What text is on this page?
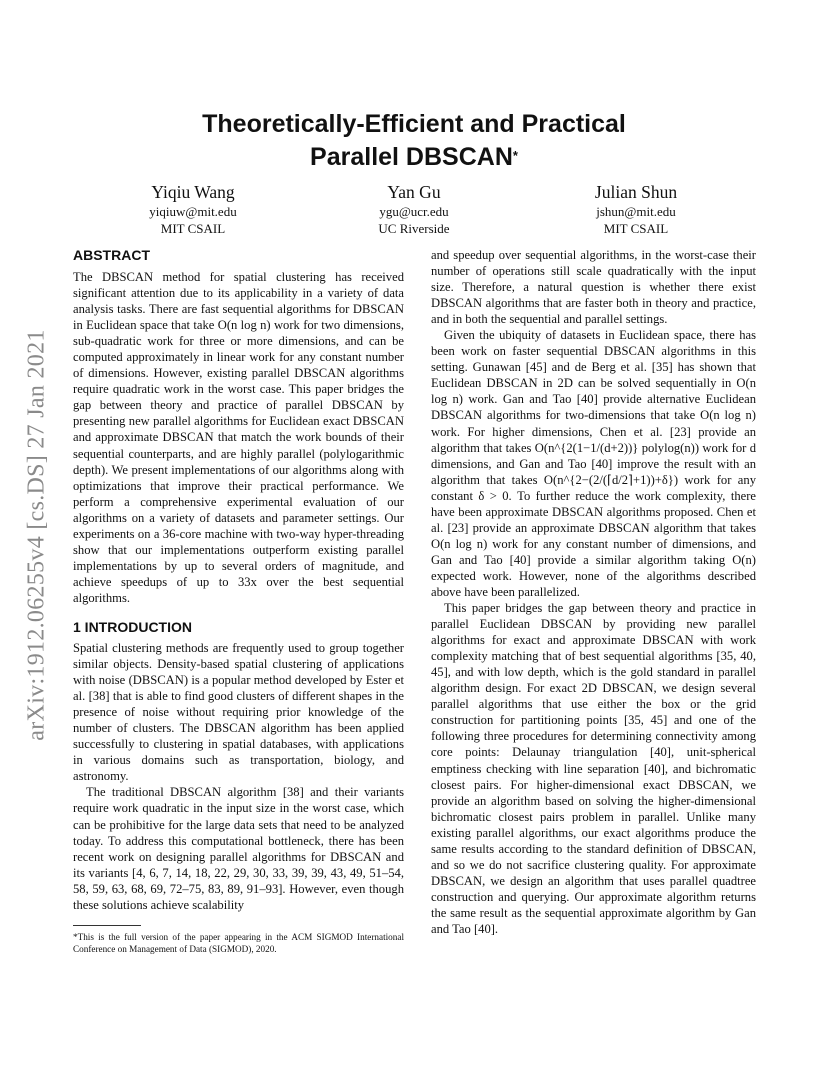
arXiv:1912.06255v4 [cs.DS] 27 Jan 2021
Theoretically-Efficient and Practical
Parallel DBSCAN*
Yiqiu Wang
yiqiuw@mit.edu
MIT CSAIL
Yan Gu
ygu@ucr.edu
UC Riverside
Julian Shun
jshun@mit.edu
MIT CSAIL
ABSTRACT

The DBSCAN method for spatial clustering has received significant attention due to its applicability in a variety of data analysis tasks. There are fast sequential algorithms for DBSCAN in Euclidean space that take O(n log n) work for two dimensions, sub-quadratic work for three or more dimensions, and can be computed approximately in linear work for any constant number of dimensions. However, existing parallel DBSCAN algorithms require quadratic work in the worst case. This paper bridges the gap between theory and practice of parallel DBSCAN by presenting new parallel algorithms for Euclidean exact DBSCAN and approximate DBSCAN that match the work bounds of their sequential counterparts, and are highly parallel (polylogarithmic depth). We present implementations of our algorithms along with optimizations that improve their practical performance. We perform a comprehensive experimental evaluation of our algorithms on a variety of datasets and parameter settings. Our experiments on a 36-core machine with two-way hyper-threading show that our implementations outperform existing parallel implementations by up to several orders of magnitude, and achieve speedups of up to 33x over the best sequential algorithms.

1 INTRODUCTION

Spatial clustering methods are frequently used to group together similar objects. Density-based spatial clustering of applications with noise (DBSCAN) is a popular method developed by Ester et al. [38] that is able to find good clusters of different shapes in the presence of noise without requiring prior knowledge of the number of clusters. The DBSCAN algorithm has been applied successfully to clustering in spatial databases, with applications in various domains such as transportation, biology, and astronomy.

The traditional DBSCAN algorithm [38] and their variants require work quadratic in the input size in the worst case, which can be prohibitive for the large data sets that need to be analyzed today. To address this computational bottleneck, there has been recent work on designing parallel algorithms for DBSCAN and its variants [4, 6, 7, 14, 18, 22, 29, 30, 33, 39, 39, 43, 49, 51–54, 58, 59, 63, 68, 69, 72–75, 83, 89, 91–93]. However, even though these solutions achieve scalability

and speedup over sequential algorithms, in the worst-case their number of operations still scale quadratically with the input size. Therefore, a natural question is whether there exist DBSCAN algorithms that are faster both in theory and practice, and in both the sequential and parallel settings.

Given the ubiquity of datasets in Euclidean space, there has been work on faster sequential DBSCAN algorithms in this setting. Gunawan [45] and de Berg et al. [35] has shown that Euclidean DBSCAN in 2D can be solved sequentially in O(n log n) work. Gan and Tao [40] provide alternative Euclidean DBSCAN algorithms for two-dimensions that take O(n log n) work. For higher dimensions, Chen et al. [23] provide an algorithm that takes O(n^{2(1−1/(d+2))} polylog(n)) work for d dimensions, and Gan and Tao [40] improve the result with an algorithm that takes O(n^{2−(2/(⌈d/2⌉+1))+δ}) work for any constant δ > 0. To further reduce the work complexity, there have been approximate DBSCAN algorithms proposed. Chen et al. [23] provide an approximate DBSCAN algorithm that takes O(n log n) work for any constant number of dimensions, and Gan and Tao [40] provide a similar algorithm taking O(n) expected work. However, none of the algorithms described above have been parallelized.

This paper bridges the gap between theory and practice in parallel Euclidean DBSCAN by providing new parallel algorithms for exact and approximate DBSCAN with work complexity matching that of best sequential algorithms [35, 40, 45], and with low depth, which is the gold standard in parallel algorithm design. For exact 2D DBSCAN, we design several parallel algorithms that use either the box or the grid construction for partitioning points [35, 45] and one of the following three procedures for determining connectivity among core points: Delaunay triangulation [40], unit-spherical emptiness checking with line separation [40], and bichromatic closest pairs. For higher-dimensional exact DBSCAN, we provide an algorithm based on solving the higher-dimensional bichromatic closest pairs problem in parallel. Unlike many existing parallel algorithms, our exact algorithms produce the same results according to the standard definition of DBSCAN, and so we do not sacrifice clustering quality. For approximate DBSCAN, we design an algorithm that uses parallel quadtree construction and querying. Our approximate algorithm returns the same result as the sequential approximate algorithm by Gan and Tao [40].

*This is the full version of the paper appearing in the ACM SIGMOD International Conference on Management of Data (SIGMOD), 2020.
